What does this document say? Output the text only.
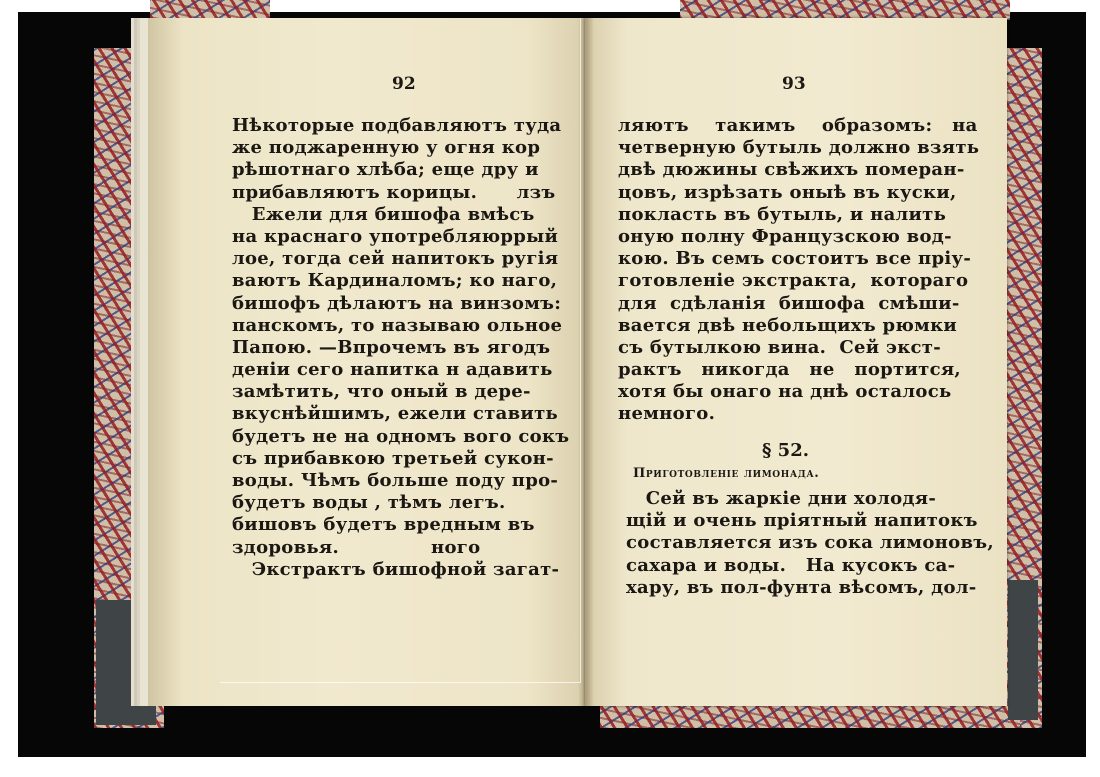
92	93
Нѣкоторые подбавляютъ туда
же поджаренную у огня кор
рѣшотнаго хлѣба; еще дру и
прибавляютъ корицы.      лзъ
Ежели для бишофа вмѣсъ
на краснаго употребляюррый
лое, тогда сей напитокъ ругія
ваютъ Кардиналомъ; ко наго,
бишофъ дѣлаютъ на винзомъ:
панскомъ, то называю ольное
Папою. —Впрочемъ въ ягодъ
деніи сего напитка н адавить
замѣтить, что оный в дере-
вкуснѣйшимъ, ежели ставить
будетъ не на одномъ вого сокъ
съ прибавкою третьей сукон-
воды. Чѣмъ больше поду про-
будетъ воды , тѣмъ легъ.
бишовъ будетъ вредным въ
здоровья.              ного
Экстрактъ бишофной загат-
ляютъ    такимъ    образомъ:   на
четверную бутыль должно взять
двѣ дюжины свѣжихъ померан-
цовъ, изрѣзать оныѣ въ куски,
покласть въ бутыль, и налить
оную полну Французскою вод-
кою. Въ семъ состоитъ все пріу-
готовленіе экстракта,  котораго
для  сдѣланія  бишофа  смѣши-
вается двѣ небольщихъ рюмки
съ бутылкою вина.  Сей экст-
рактъ   никогда   не   портится,
хотя бы онаго на днѣ осталось
немного.
§ 52.
Приготовленіе лимонада.
Сей въ жаркіе дни холодя-
щій и очень пріятный напитокъ
составляется изъ сока лимоновъ,
сахара и воды.   На кусокъ са-
хару, въ пол-фунта вѣсомъ, дол-
